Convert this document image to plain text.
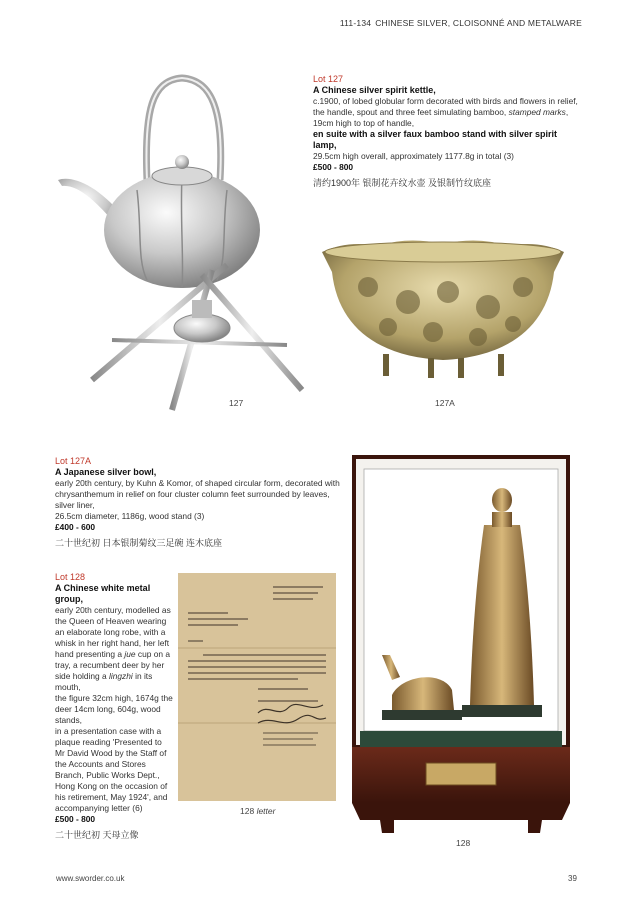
111-134 CHINESE SILVER, CLOISONNÉ AND METALWARE
Lot 127
A Chinese silver spirit kettle,
c.1900, of lobed globular form decorated with birds and flowers in relief, the handle, spout and three feet simulating bamboo, stamped marks,
19cm high to top of handle,
en suite with a silver faux bamboo stand with silver spirit lamp,
29.5cm high overall, approximately 1177.8g in total (3)
£500 - 800
清约1900年 银制花卉纹水壶 及银制竹纹底座
127	127A
Lot 127A
A Japanese silver bowl,
early 20th century, by Kuhn & Komor, of shaped circular form, decorated with chrysanthemum in relief on four cluster column feet surrounded by leaves, silver liner,
26.5cm diameter, 1186g, wood stand (3)
£400 - 600
二十世纪初 日本银制菊纹三足碗 连木底座
Lot 128
A Chinese white metal group,
early 20th century, modelled as the Queen of Heaven wearing an elaborate long robe, with a whisk in her right hand, her left hand presenting a jue cup on a tray, a recumbent deer by her side holding a lingzhi in its mouth,
the figure 32cm high, 1674g the deer 14cm long, 604g, wood stands,
in a presentation case with a plaque reading 'Presented to Mr David Wood by the Staff of the Accounts and Stores Branch, Public Works Dept., Hong Kong on the occasion of his retirement, May 1924', and accompanying letter (6)
£500 - 800
二十世纪初 天母立像
128 letter
128
www.sworder.co.uk	39
